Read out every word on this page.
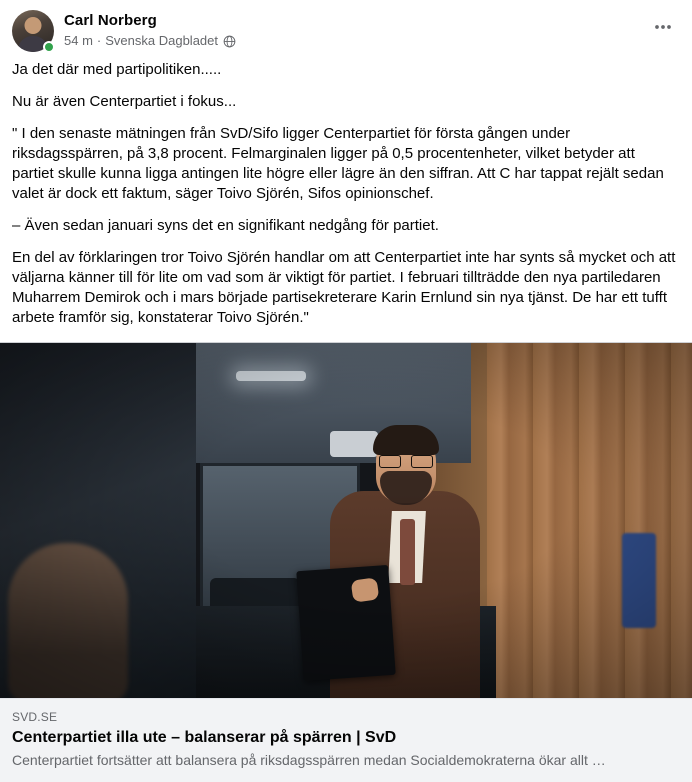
Carl Norberg
54 m · Svenska Dagbladet

Ja det där med partipolitiken.....

Nu är även Centerpartiet i fokus...

" I den senaste mätningen från SvD/Sifo ligger Centerpartiet för första gången under riksdagsspärren, på 3,8 procent. Felmarginalen ligger på 0,5 procentenheter, vilket betyder att partiet skulle kunna ligga antingen lite högre eller lägre än den siffran. Att C har tappat rejält sedan valet är dock ett faktum, säger Toivo Sjörén, Sifos opinionschef.

– Även sedan januari syns det en signifikant nedgång för partiet.

En del av förklaringen tror Toivo Sjörén handlar om att Centerpartiet inte har synts så mycket och att väljarna känner till för lite om vad som är viktigt för partiet. I februari tillträdde den nya partiledaren Muharrem Demirok och i mars började partisekreterare Karin Ernlund sin nya tjänst. De har ett tufft arbete framför sig, konstaterar Toivo Sjörén."

SVD.SE
Centerpartiet illa ute – balanserar på spärren | SvD
Centerpartiet fortsätter att balansera på riksdagsspärren medan Socialdemokraterna ökar allt …
